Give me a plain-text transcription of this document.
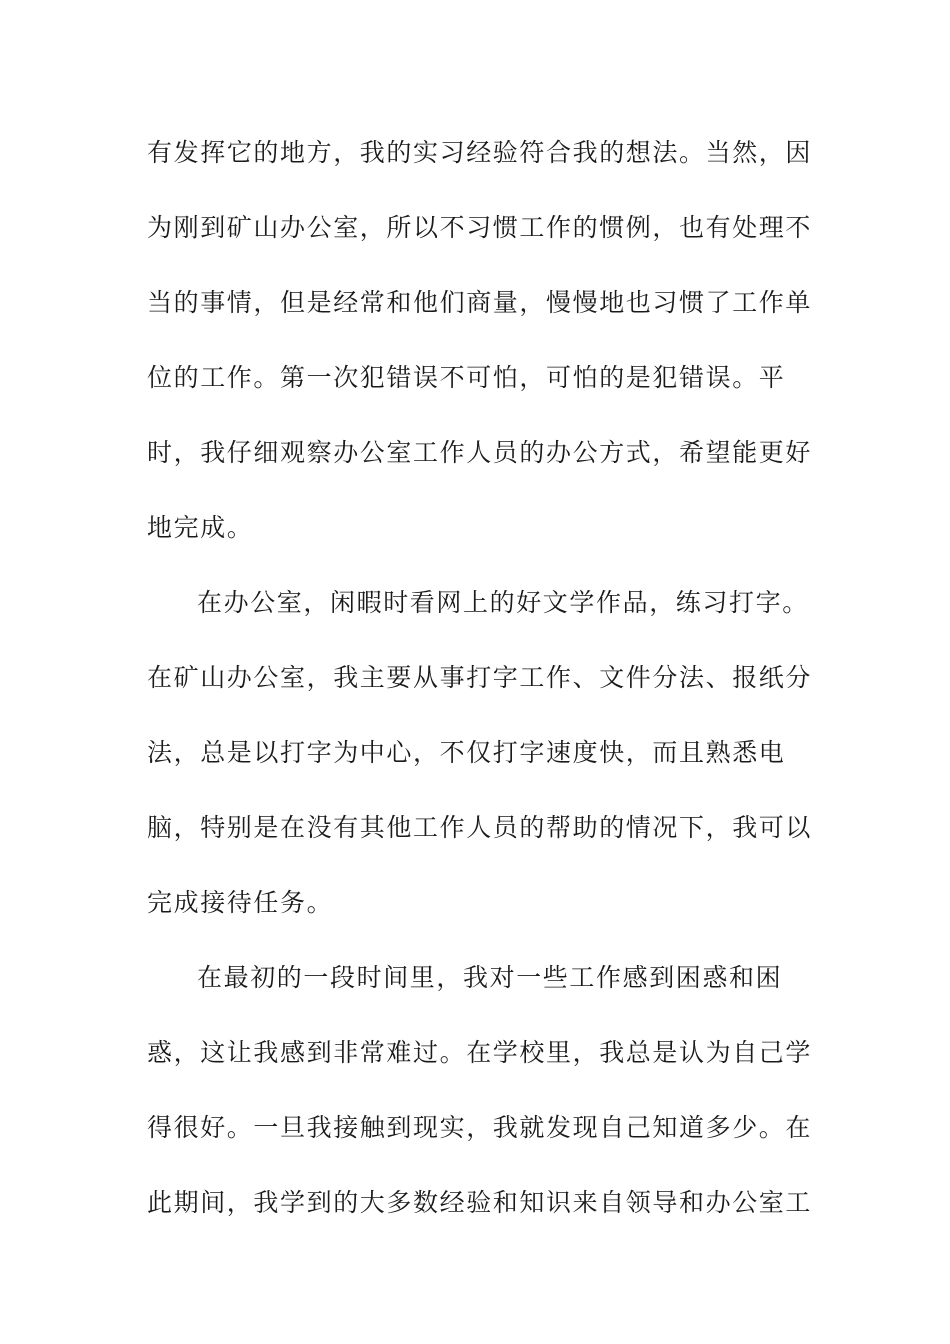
有发挥它的地方，我的实习经验符合我的想法。当然，因
为刚到矿山办公室，所以不习惯工作的惯例，也有处理不
当的事情，但是经常和他们商量，慢慢地也习惯了工作单
位的工作。第一次犯错误不可怕，可怕的是犯错误。平
时，我仔细观察办公室工作人员的办公方式，希望能更好
地完成。
在办公室，闲暇时看网上的好文学作品，练习打字。
在矿山办公室，我主要从事打字工作、文件分法、报纸分
法，总是以打字为中心，不仅打字速度快，而且熟悉电
脑，特别是在没有其他工作人员的帮助的情况下，我可以
完成接待任务。
在最初的一段时间里，我对一些工作感到困惑和困
惑，这让我感到非常难过。在学校里，我总是认为自己学
得很好。一旦我接触到现实，我就发现自己知道多少。在
此期间，我学到的大多数经验和知识来自领导和办公室工
